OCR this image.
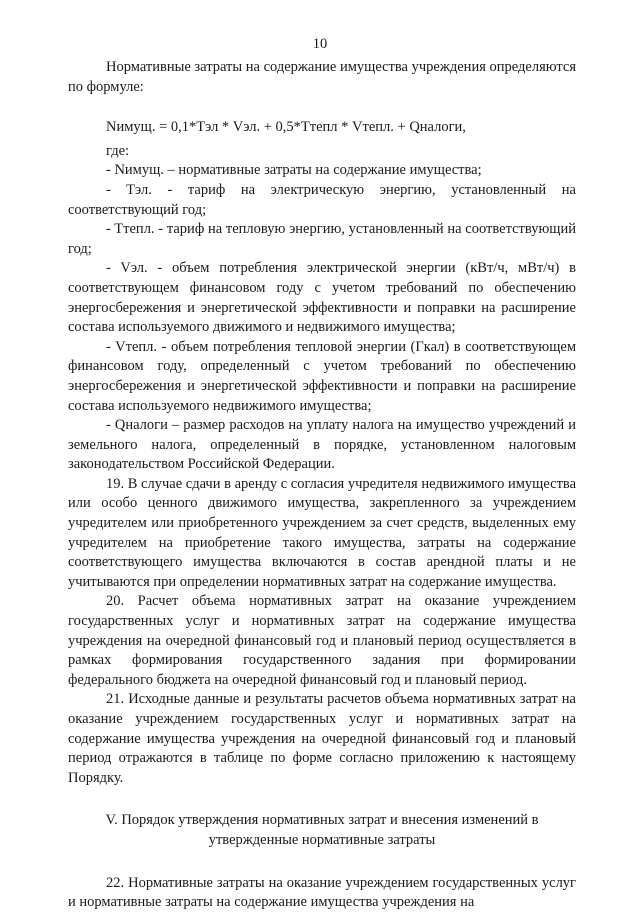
10

Нормативные затраты на содержание имущества учреждения определяются по формуле:

Nимущ. = 0,1*Tэл * Vэл. + 0,5*Tтепл * Vтепл. + Qналоги,

где:

- Nимущ. – нормативные затраты на содержание имущества;

- Tэл. - тариф на электрическую энергию, установленный на соответствующий год;

- Tтепл. - тариф на тепловую энергию, установленный на соответствующий год;

- Vэл. - объем потребления электрической энергии (кВт/ч, мВт/ч) в соответствующем финансовом году с учетом требований по обеспечению энергосбережения и энергетической эффективности и поправки на расширение состава используемого движимого и недвижимого имущества;

- Vтепл. - объем потребления тепловой энергии (Гкал) в соответствующем финансовом году, определенный с учетом требований по обеспечению энергосбережения и энергетической эффективности и поправки на расширение состава используемого недвижимого имущества;

- Qналоги – размер расходов на уплату налога на имущество учреждений и земельного налога, определенный в порядке, установленном налоговым законодательством Российской Федерации.

19. В случае сдачи в аренду с согласия учредителя недвижимого имущества или особо ценного движимого имущества, закрепленного за учреждением учредителем или приобретенного учреждением за счет средств, выделенных ему учредителем на приобретение такого имущества, затраты на содержание соответствующего имущества включаются в состав арендной платы и не учитываются при определении нормативных затрат на содержание имущества.

20. Расчет объема нормативных затрат на оказание учреждением государственных услуг и нормативных затрат на содержание имущества учреждения на очередной финансовый год и плановый период осуществляется в рамках формирования государственного задания при формировании федерального бюджета на очередной финансовый год и плановый период.

21. Исходные данные и результаты расчетов объема нормативных затрат на оказание учреждением государственных услуг и нормативных затрат на содержание имущества учреждения на очередной финансовый год и плановый период отражаются в таблице по форме согласно приложению к настоящему Порядку.

V. Порядок утверждения нормативных затрат и внесения изменений в
утвержденные нормативные затраты

22. Нормативные затраты на оказание учреждением государственных услуг и нормативные затраты на содержание имущества учреждения на
